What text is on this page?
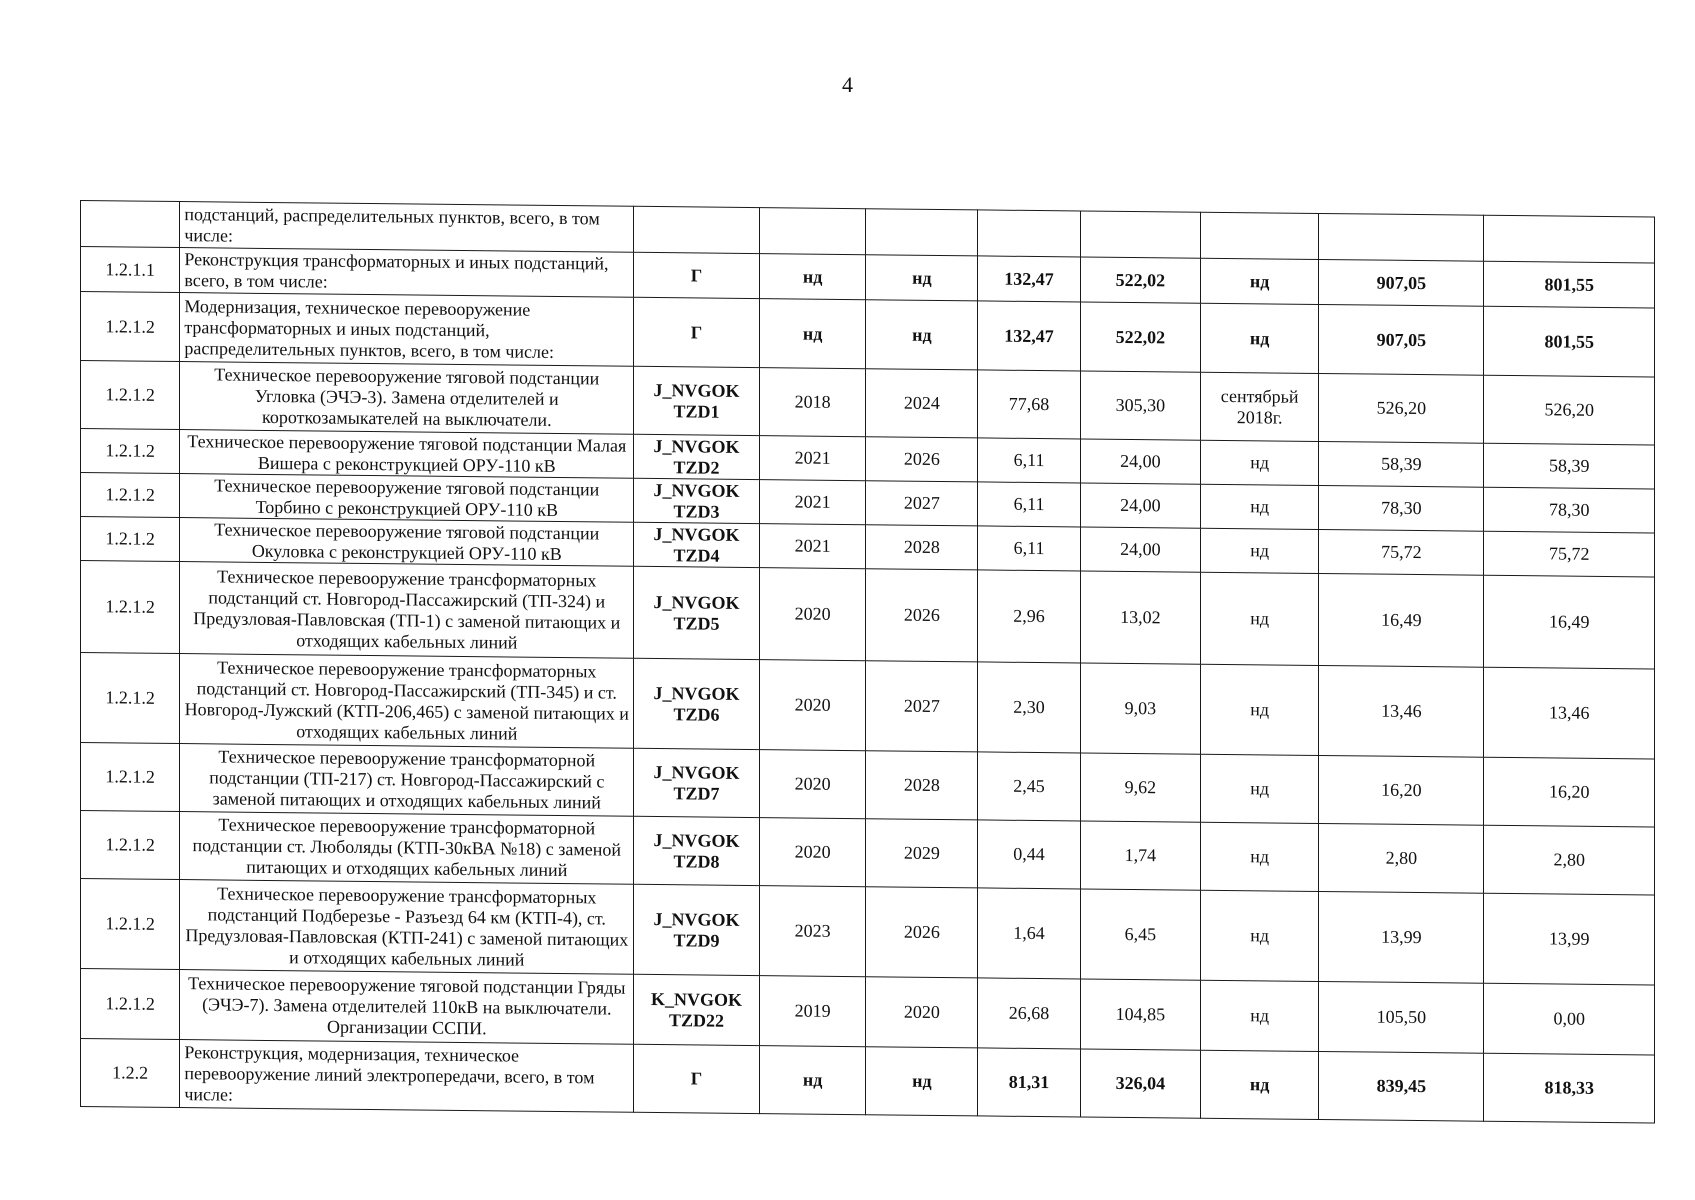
4
	подстанций, распределительных пунктов, всего, в том числе:								
1.2.1.1	Реконструкция трансформаторных и иных подстанций, всего, в том числе:	Г	нд	нд	132,47	522,02	нд	907,05	801,55
1.2.1.2	Модернизация, техническое перевооружение трансформаторных и иных подстанций, распределительных пунктов, всего, в том числе:	Г	нд	нд	132,47	522,02	нд	907,05	801,55
1.2.1.2	Техническое перевооружение тяговой подстанции Угловка (ЭЧЭ-3). Замена отделителей и короткозамыкателей на выключатели.	J_NVGOK TZD1	2018	2024	77,68	305,30	сентябрьй 2018г.	526,20	526,20
1.2.1.2	Техническое перевооружение тяговой подстанции Малая Вишера с реконструкцией ОРУ-110 кВ	J_NVGOK TZD2	2021	2026	6,11	24,00	нд	58,39	58,39
1.2.1.2	Техническое перевооружение тяговой подстанции Торбино с реконструкцией ОРУ-110 кВ	J_NVGOK TZD3	2021	2027	6,11	24,00	нд	78,30	78,30
1.2.1.2	Техническое перевооружение тяговой подстанции Окуловка с реконструкцией ОРУ-110 кВ	J_NVGOK TZD4	2021	2028	6,11	24,00	нд	75,72	75,72
1.2.1.2	Техническое перевооружение трансформаторных подстанций ст. Новгород-Пассажирский (ТП-324) и Предузловая-Павловская (ТП-1) с заменой питающих и отходящих кабельных линий	J_NVGOK TZD5	2020	2026	2,96	13,02	нд	16,49	16,49
1.2.1.2	Техническое перевооружение трансформаторных подстанций ст. Новгород-Пассажирский (ТП-345) и ст. Новгород-Лужский (КТП-206,465) с заменой питающих и отходящих кабельных линий	J_NVGOK TZD6	2020	2027	2,30	9,03	нд	13,46	13,46
1.2.1.2	Техническое перевооружение трансформаторной подстанции (ТП-217) ст. Новгород-Пассажирский с заменой питающих и отходящих кабельных линий	J_NVGOK TZD7	2020	2028	2,45	9,62	нд	16,20	16,20
1.2.1.2	Техническое перевооружение трансформаторной подстанции ст. Люболяды (КТП-30кВА №18) с заменой питающих и отходящих кабельных линий	J_NVGOK TZD8	2020	2029	0,44	1,74	нд	2,80	2,80
1.2.1.2	Техническое перевооружение трансформаторных подстанций Подберезье - Разъезд 64 км (КТП-4), ст. Предузловая-Павловская (КТП-241) с заменой питающих и отходящих кабельных линий	J_NVGOK TZD9	2023	2026	1,64	6,45	нд	13,99	13,99
1.2.1.2	Техническое перевооружение тяговой подстанции Гряды (ЭЧЭ-7). Замена отделителей 110кВ на выключатели. Организации ССПИ.	K_NVGOK TZD22	2019	2020	26,68	104,85	нд	105,50	0,00
1.2.2	Реконструкция, модернизация, техническое перевооружение линий электропередачи, всего, в том числе:	Г	нд	нд	81,31	326,04	нд	839,45	818,33
